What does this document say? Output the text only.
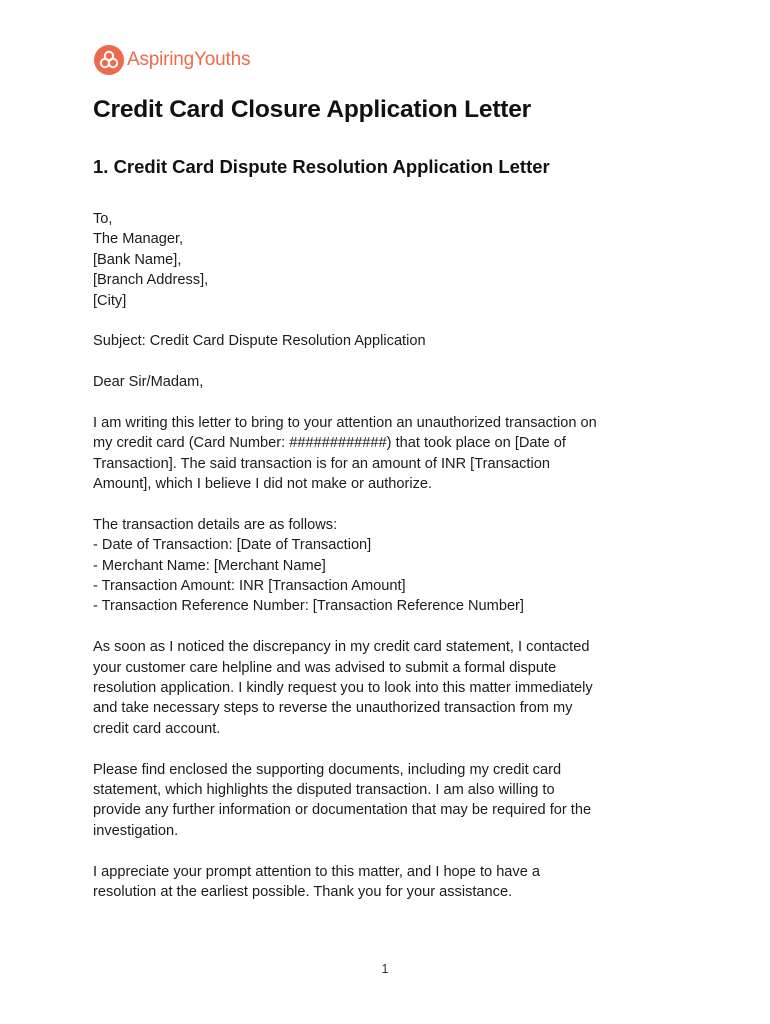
AspiringYouths
Credit Card Closure Application Letter
1. Credit Card Dispute Resolution Application Letter
To,
The Manager,
[Bank Name],
[Branch Address],
[City]
Subject: Credit Card Dispute Resolution Application
Dear Sir/Madam,
I am writing this letter to bring to your attention an unauthorized transaction on
my credit card (Card Number: ############) that took place on [Date of
Transaction]. The said transaction is for an amount of INR [Transaction
Amount], which I believe I did not make or authorize.
The transaction details are as follows:
- Date of Transaction: [Date of Transaction]
- Merchant Name: [Merchant Name]
- Transaction Amount: INR [Transaction Amount]
- Transaction Reference Number: [Transaction Reference Number]
As soon as I noticed the discrepancy in my credit card statement, I contacted
your customer care helpline and was advised to submit a formal dispute
resolution application. I kindly request you to look into this matter immediately
and take necessary steps to reverse the unauthorized transaction from my
credit card account.
Please find enclosed the supporting documents, including my credit card
statement, which highlights the disputed transaction. I am also willing to
provide any further information or documentation that may be required for the
investigation.
I appreciate your prompt attention to this matter, and I hope to have a
resolution at the earliest possible. Thank you for your assistance.
1
